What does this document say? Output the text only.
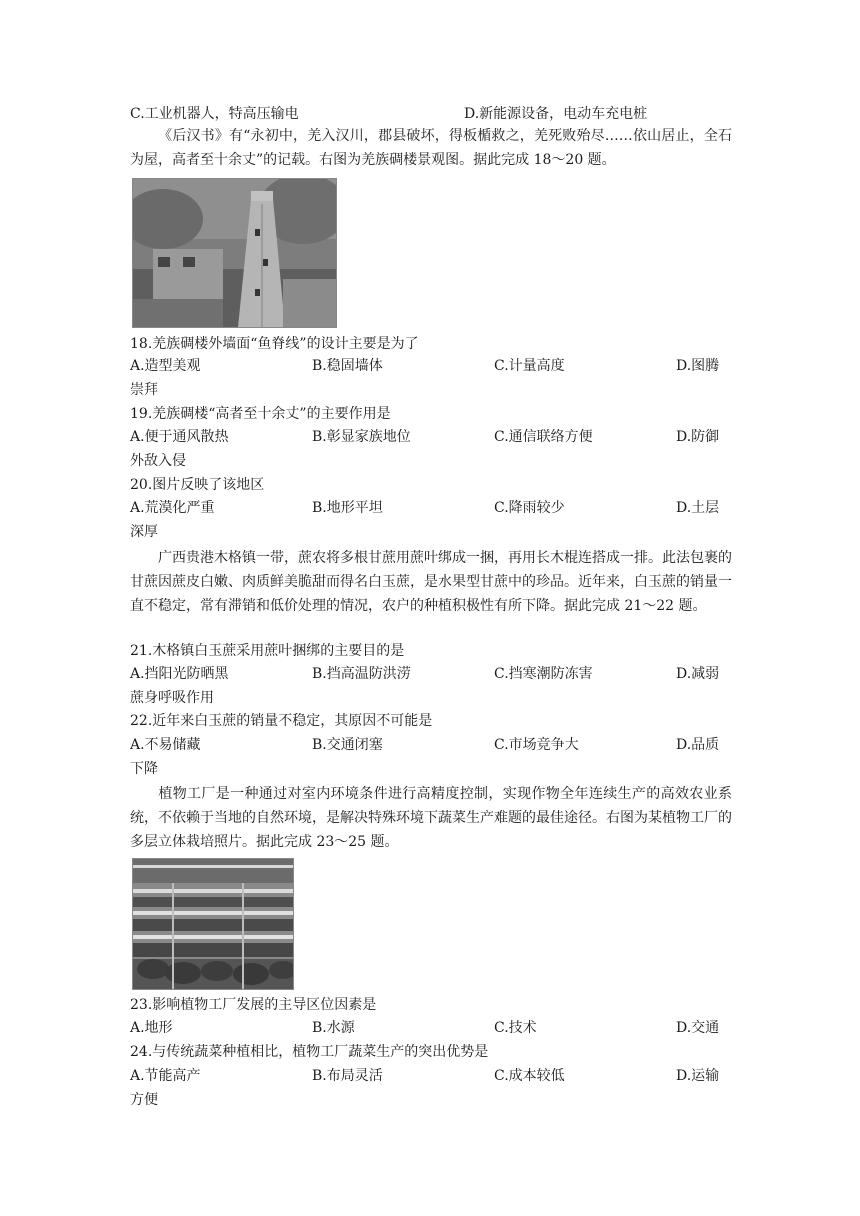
C.工业机器人，特高压输电	D.新能源设备，电动车充电桩
《后汉书》有“永初中，羌入汉川，郡县破坏，得板楯救之，羌死败殆尽……依山居止，全石为屋，高者至十余丈”的记载。右图为羌族碉楼景观图。据此完成 18～20 题。
18.羌族碉楼外墙面“鱼脊线”的设计主要是为了
A.造型美观	B.稳固墙体	C.计量高度	D.图腾
崇拜
19.羌族碉楼“高者至十余丈”的主要作用是
A.便于通风散热	B.彰显家族地位	C.通信联络方便	D.防御
外敌入侵
20.图片反映了该地区
A.荒漠化严重	B.地形平坦	C.降雨较少	D.土层
深厚
广西贵港木格镇一带，蔗农将多根甘蔗用蔗叶绑成一捆，再用长木棍连搭成一排。此法包裹的甘蔗因蔗皮白嫩、肉质鲜美脆甜而得名白玉蔗，是水果型甘蔗中的珍品。近年来，白玉蔗的销量一直不稳定，常有滞销和低价处理的情况，农户的种植积极性有所下降。据此完成 21～22 题。
21.木格镇白玉蔗采用蔗叶捆绑的主要目的是
A.挡阳光防晒黑	B.挡高温防洪涝	C.挡寒潮防冻害	D.减弱
蔗身呼吸作用
22.近年来白玉蔗的销量不稳定，其原因不可能是
A.不易储藏	B.交通闭塞	C.市场竞争大	D.品质
下降
植物工厂是一种通过对室内环境条件进行高精度控制，实现作物全年连续生产的高效农业系统，不依赖于当地的自然环境，是解决特殊环境下蔬菜生产难题的最佳途径。右图为某植物工厂的多层立体栽培照片。据此完成 23～25 题。
23.影响植物工厂发展的主导区位因素是
A.地形	B.水源	C.技术	D.交通
24.与传统蔬菜种植相比，植物工厂蔬菜生产的突出优势是
A.节能高产	B.布局灵活	C.成本较低	D.运输
方便
